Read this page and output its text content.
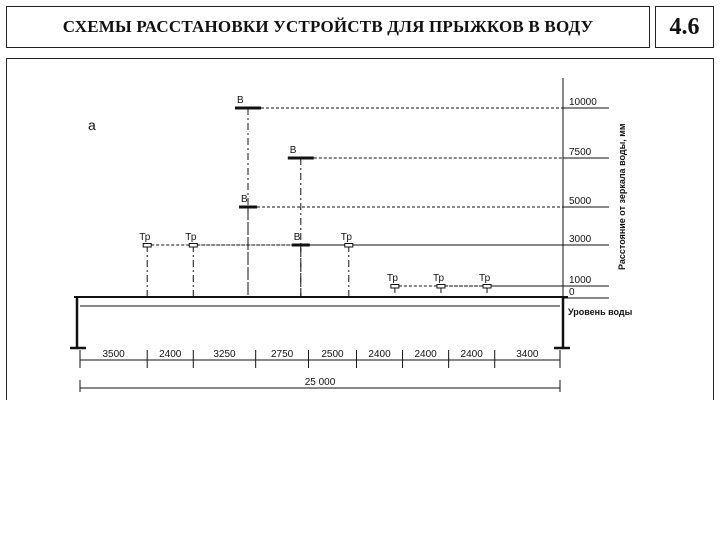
СХЕМЫ РАССТАНОВКИ УСТРОЙСТВ ДЛЯ ПРЫЖКОВ В ВОДУ	4.6
а	Расстояние от зеркала воды, мм
10000
7500
5000
3000
1000
0
В
В
В
В
Тр	Тр	Тр
Тр	Тр	Тр
Уровень воды
3500	2400	3250	2750	2500 2400 2400 2400	3400
25 000
